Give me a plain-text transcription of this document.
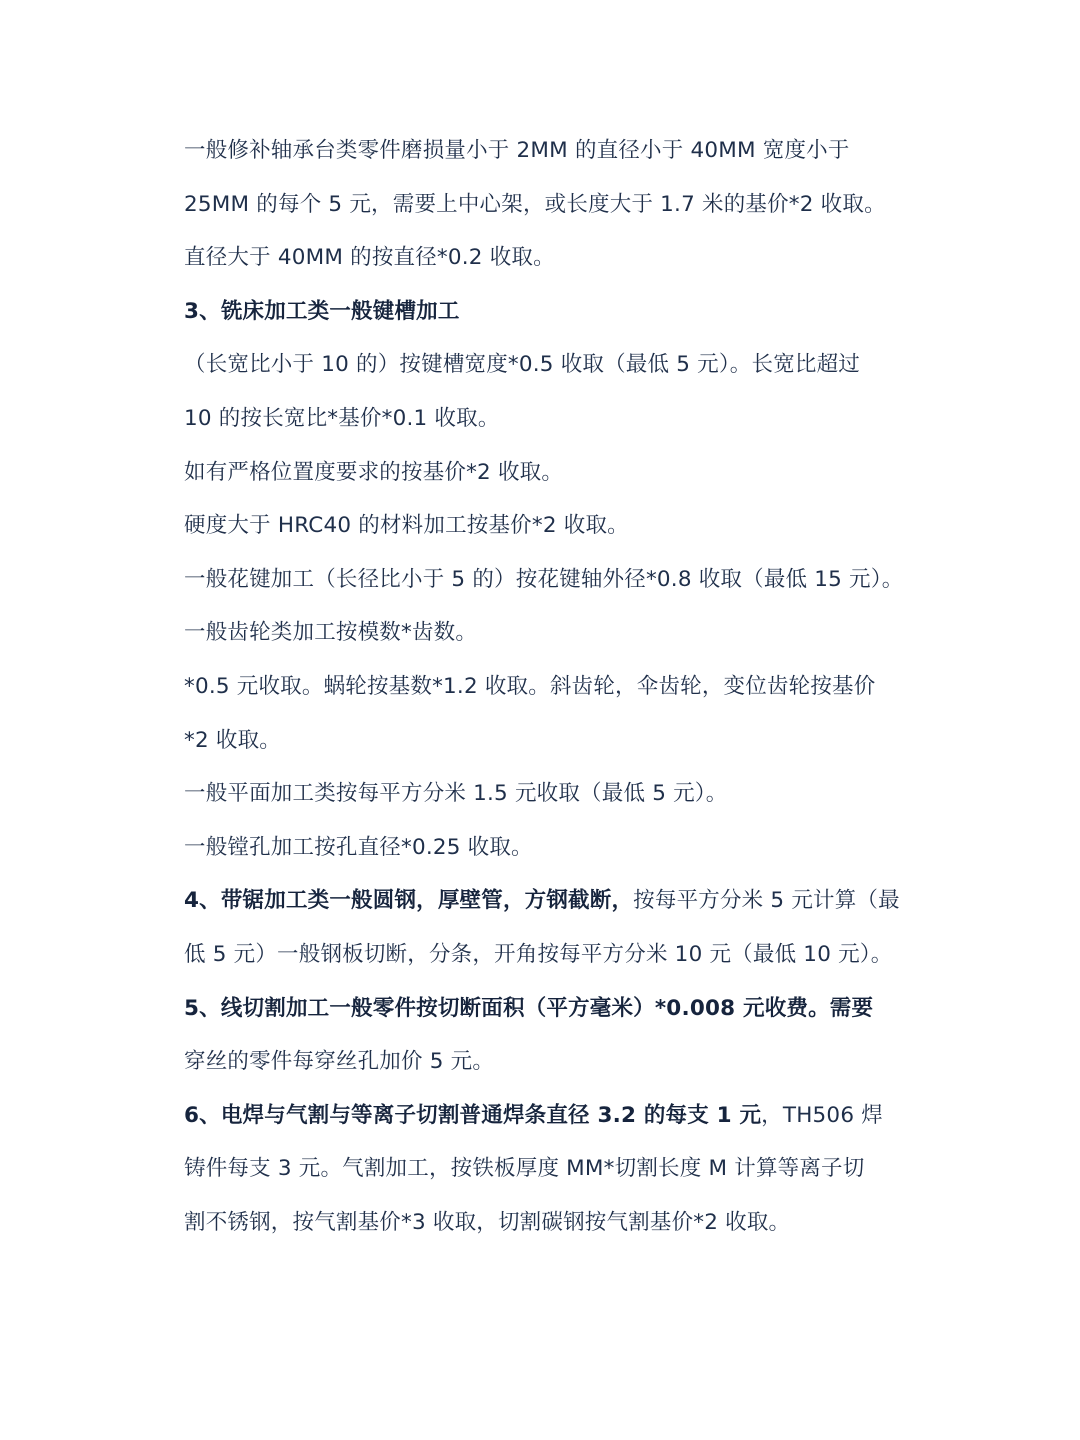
一般修补轴承台类零件磨损量小于 2MM 的直径小于 40MM 宽度小于
25MM 的每个 5 元，需要上中心架，或长度大于 1.7 米的基价*2 收取。
直径大于 40MM 的按直径*0.2 收取。
3、铣床加工类一般键槽加工
（长宽比小于 10 的）按键槽宽度*0.5 收取（最低 5 元）。长宽比超过
10 的按长宽比*基价*0.1 收取。
如有严格位置度要求的按基价*2 收取。
硬度大于 HRC40 的材料加工按基价*2 收取。
一般花键加工（长径比小于 5 的）按花键轴外径*0.8 收取（最低 15 元）。
一般齿轮类加工按模数*齿数。
*0.5 元收取。蜗轮按基数*1.2 收取。斜齿轮，伞齿轮，变位齿轮按基价
*2 收取。
一般平面加工类按每平方分米 1.5 元收取（最低 5 元）。
一般镗孔加工按孔直径*0.25 收取。
4、带锯加工类一般圆钢，厚壁管，方钢截断，按每平方分米 5 元计算（最
低 5 元）一般钢板切断，分条，开角按每平方分米 10 元（最低 10 元）。
5、线切割加工一般零件按切断面积（平方毫米）*0.008 元收费。需要
穿丝的零件每穿丝孔加价 5 元。
6、电焊与气割与等离子切割普通焊条直径 3.2 的每支 1 元，TH506 焊
铸件每支 3 元。气割加工，按铁板厚度 MM*切割长度 M 计算等离子切
割不锈钢，按气割基价*3 收取，切割碳钢按气割基价*2 收取。
